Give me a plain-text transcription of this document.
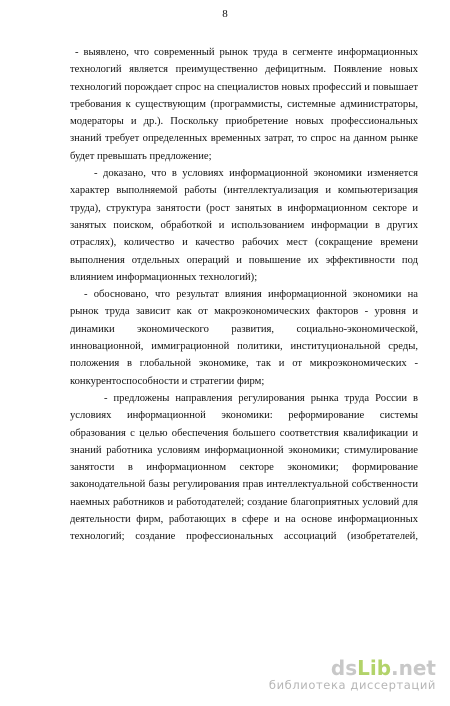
8
- выявлено, что современный рынок труда в сегменте информационных
технологий является преимущественно дефицитным. Появление новых
технологий порождает спрос на специалистов новых профессий и повышает
требования к существующим (программисты, системные администраторы,
модераторы и др.). Поскольку приобретение новых профессиональных
знаний требует определенных временных затрат, то спрос на данном рынке
будет превышать предложение;
- доказано, что в условиях информационной экономики изменяется
характер выполняемой работы (интеллектуализация и компьютеризация
труда), структура занятости (рост занятых в информационном секторе и
занятых поиском, обработкой и использованием информации в других
отраслях), количество и качество рабочих мест (сокращение времени
выполнения отдельных операций и повышение их эффективности под
влиянием информационных технологий);
- обосновано, что результат влияния информационной экономики на
рынок труда зависит как от макроэкономических факторов - уровня и
динамики экономического развития, социально-экономической,
инновационной, иммиграционной политики, институциональной среды,
положения в глобальной экономике, так и от микроэкономических -
конкурентоспособности и стратегии фирм;
- предложены направления регулирования рынка труда России в
условиях информационной экономики: реформирование системы
образования с целью обеспечения большего соответствия квалификации и
знаний работника условиям информационной экономики; стимулирование
занятости в информационном секторе экономики; формирование
законодательной базы регулирования прав интеллектуальной собственности
наемных работников и работодателей; создание благоприятных условий для
деятельности фирм, работающих в сфере и на основе информационных
технологий; создание профессиональных ассоциаций (изобретателей,
ds Lib .net
библиотека диссертаций
